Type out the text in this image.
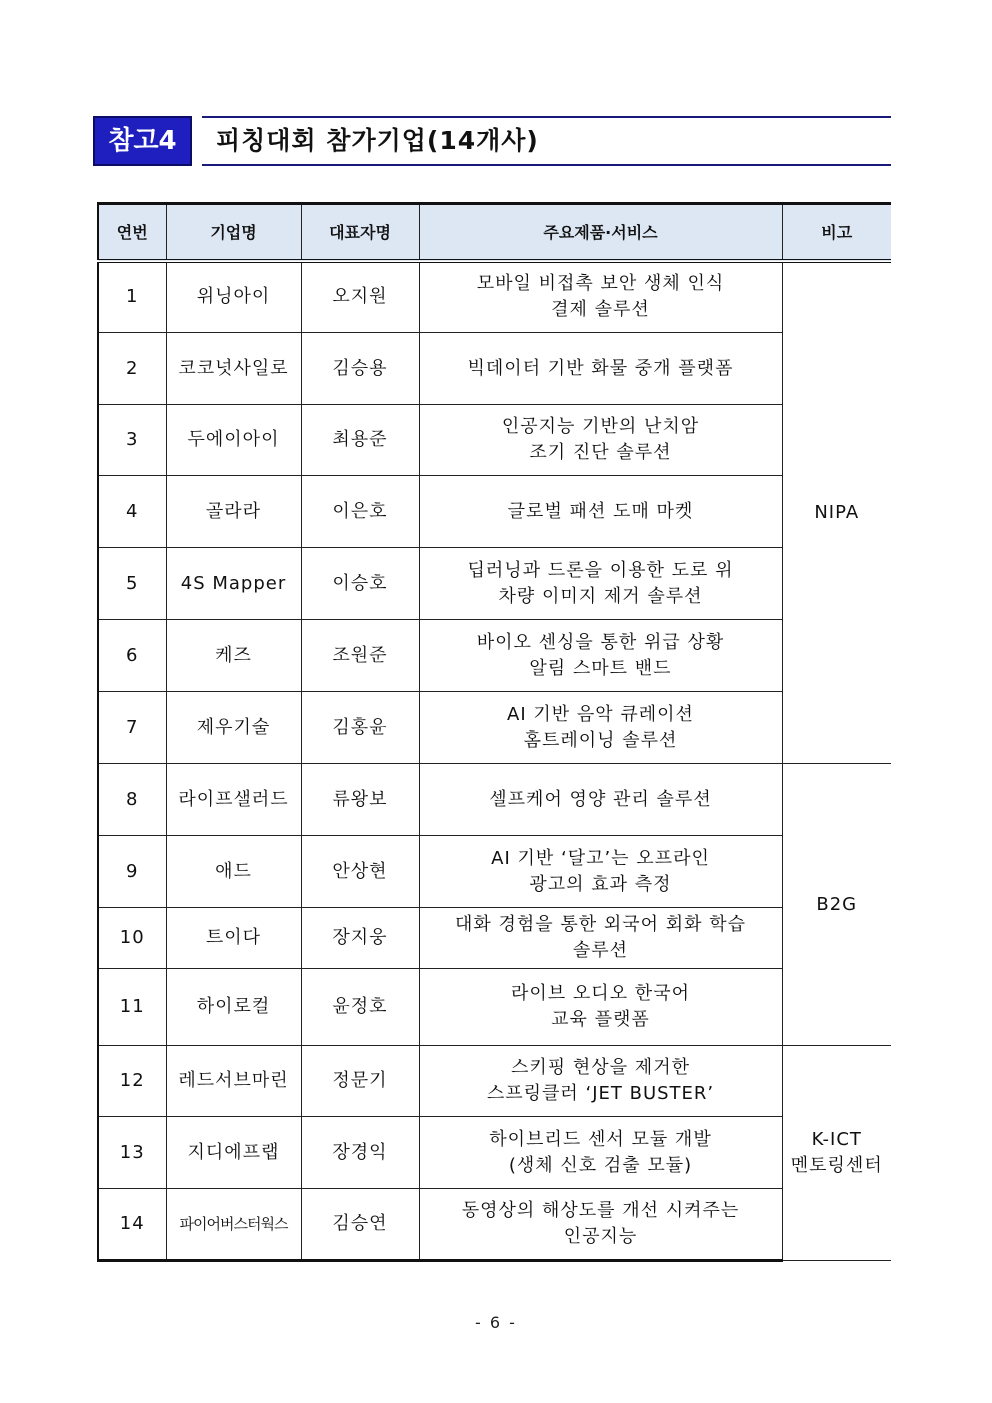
참고4	피칭대회 참가기업(14개사)
연번	기업명	대표자명	주요제품·서비스	비고
1	위닝아이	오지원	모바일 비접촉 보안 생체 인식
결제 솔루션	NIPA
2	코코넛사일로	김승용	빅데이터 기반 화물 중개 플랫폼	

3	두에이아이	최용준	인공지능 기반의 난치암
조기 진단 솔루션	

4	골라라	이은호	글로벌 패션 도매 마켓	

5	4S Mapper	이승호	딥러닝과 드론을 이용한 도로 위
차량 이미지 제거 솔루션	

6	케즈	조원준	바이오 센싱을 통한 위급 상황
알림 스마트 밴드	

7	제우기술	김홍윤	AI 기반 음악 큐레이션
홈트레이닝 솔루션	

8	라이프샐러드	류왕보	셀프케어 영양 관리 솔루션	B2G
9	애드	안상현	AI 기반 ‘달고’는 오프라인
광고의 효과 측정	

10	트이다	장지웅	대화 경험을 통한 외국어 회화 학습
솔루션	

11	하이로컬	윤정호	라이브 오디오 한국어
교육 플랫폼	

12	레드서브마린	정문기	스키핑 현상을 제거한
스프링클러 ‘JET BUSTER’	K-ICT
멘토링센터

13	지디에프랩	장경익	하이브리드 센서 모듈 개발
(생체 신호 검출 모듈)	

14	파이어버스터웍스	김승연	동영상의 해상도를 개선 시켜주는
인공지능	
- 6 -
